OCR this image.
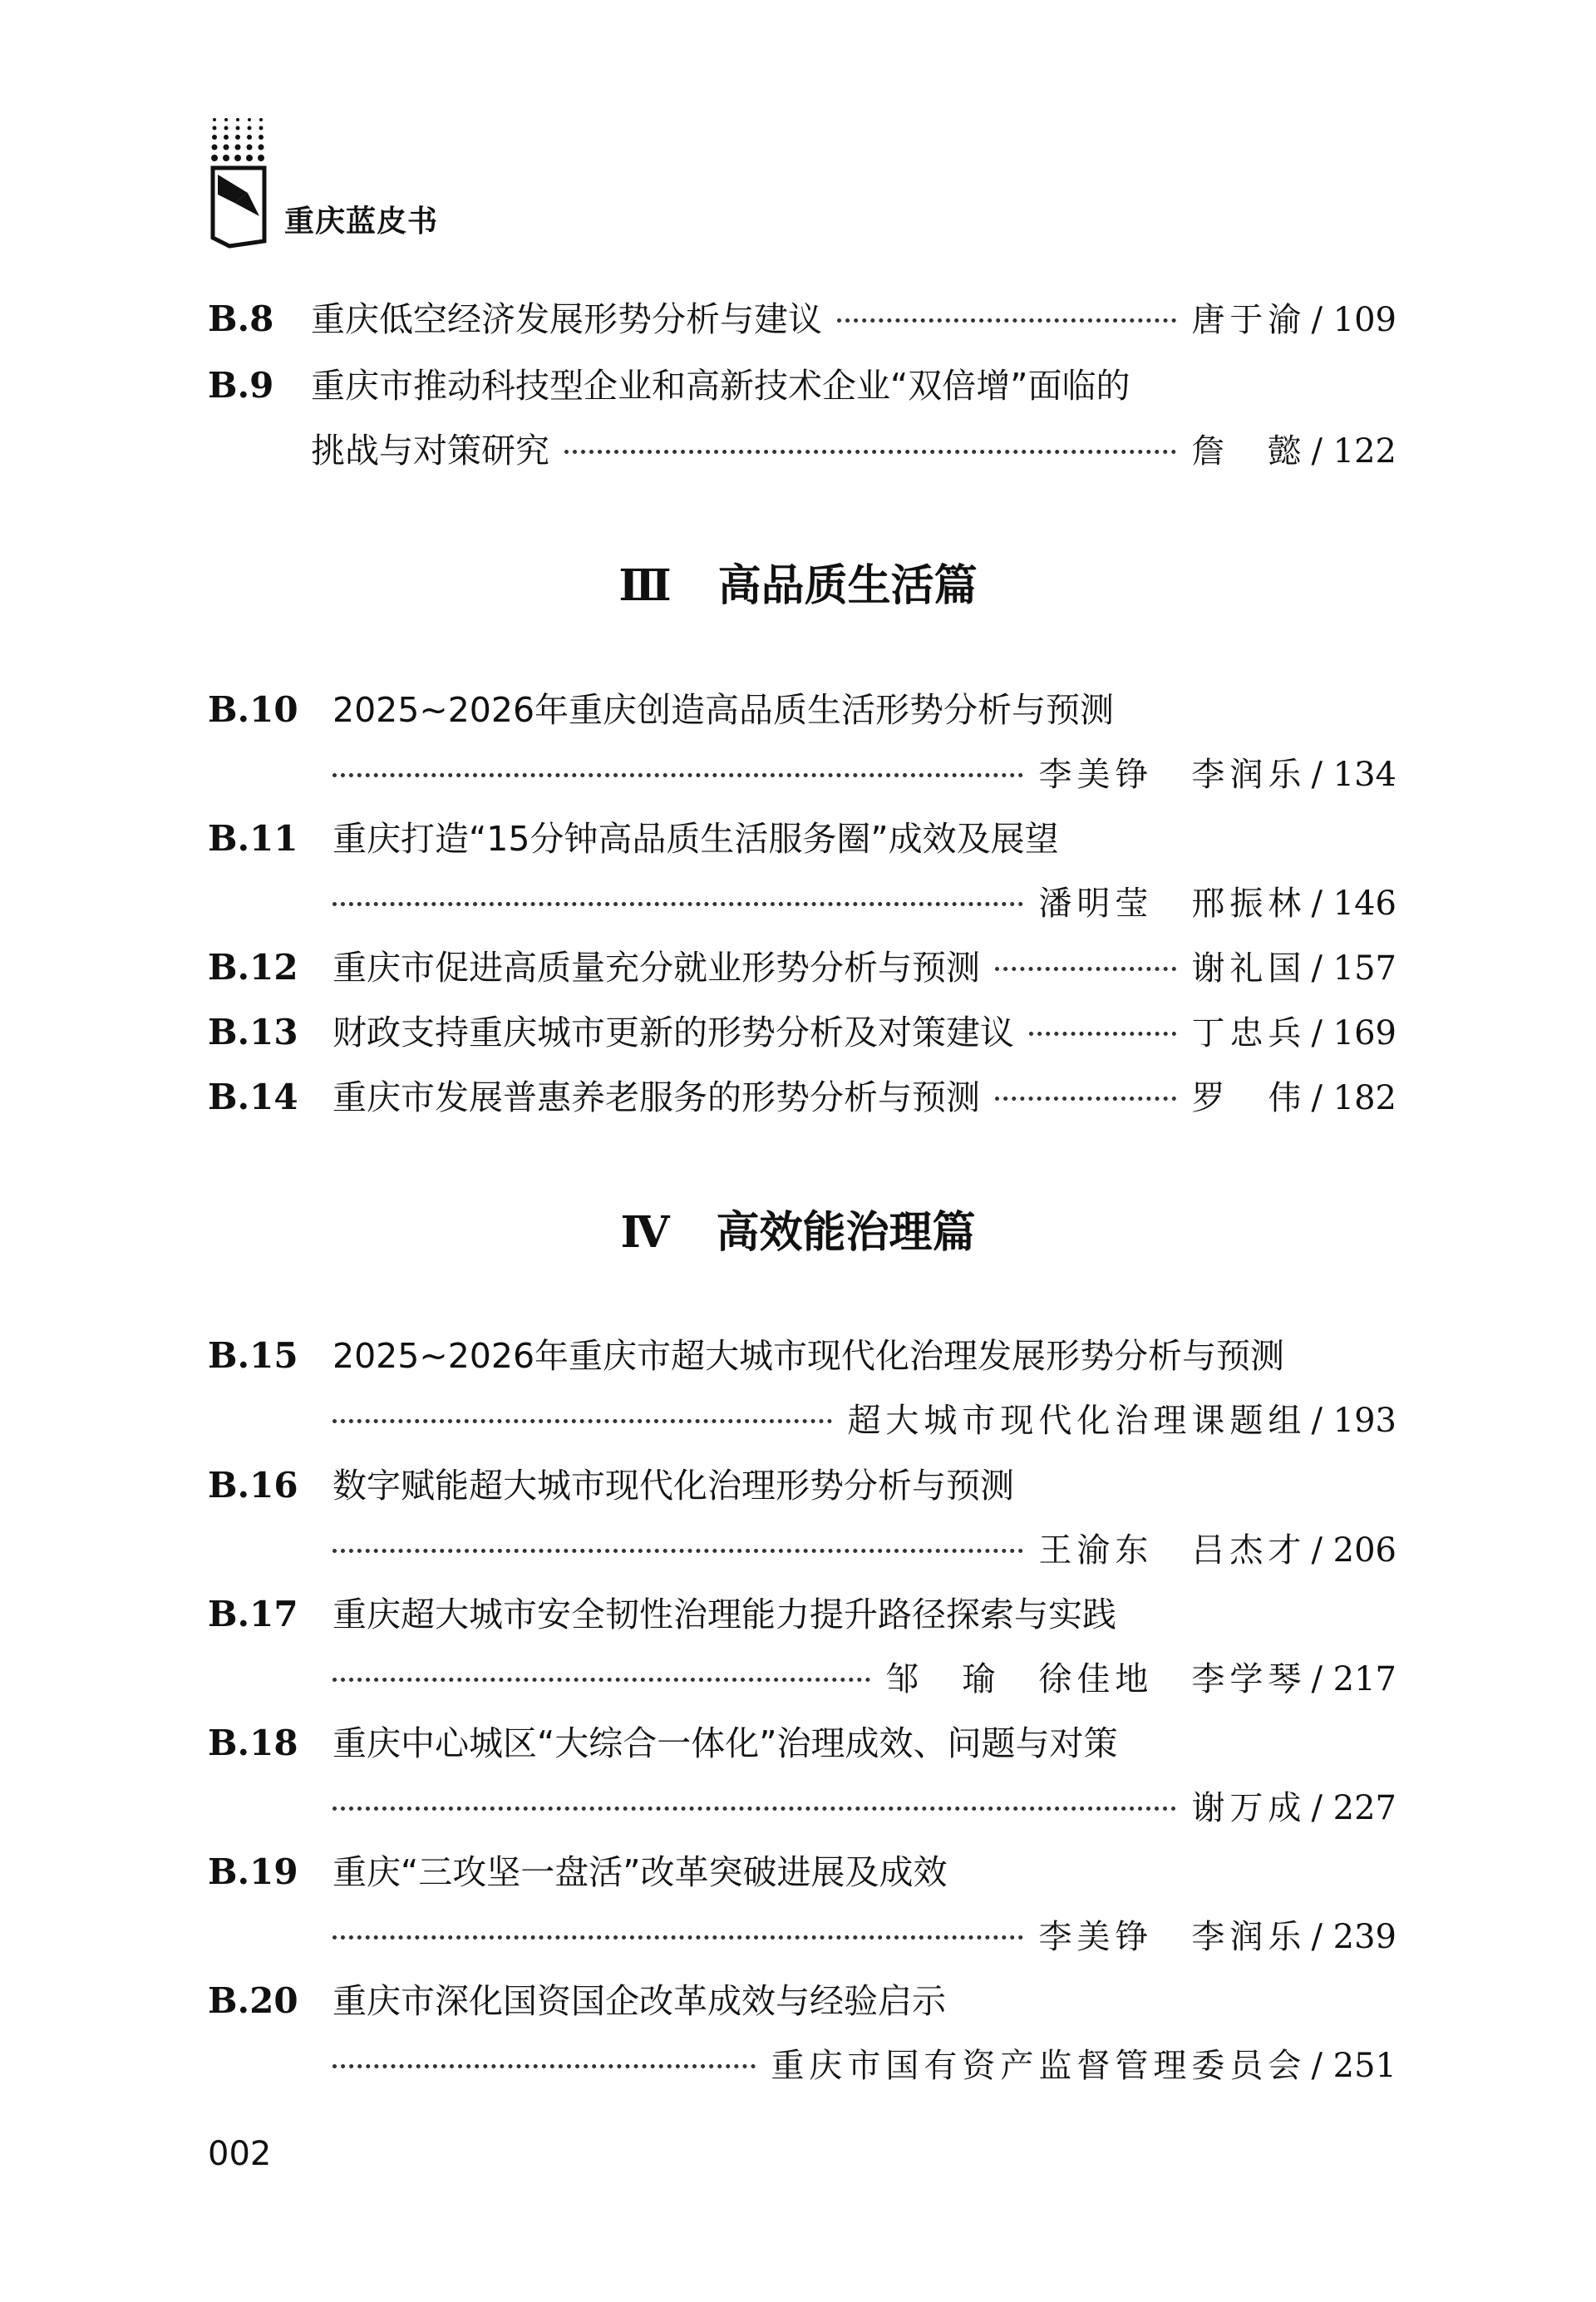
重庆蓝皮书
B.8	重庆低空经济发展形势分析与建议	唐于渝 / 109
B.9	重庆市推动科技型企业和高新技术企业“双倍增”面临的
挑战与对策研究	詹　懿 / 122
Ⅲ 高品质生活篇
B.10	2025~2026年重庆创造高品质生活形势分析与预测
李美铮　李润乐 / 134
B.11	重庆打造“15分钟高品质生活服务圈”成效及展望
潘明莹　邢振林 / 146
B.12	重庆市促进高质量充分就业形势分析与预测	谢礼国 / 157
B.13	财政支持重庆城市更新的形势分析及对策建议	丁忠兵 / 169
B.14	重庆市发展普惠养老服务的形势分析与预测	罗　伟 / 182
Ⅳ 高效能治理篇
B.15	2025~2026年重庆市超大城市现代化治理发展形势分析与预测
超大城市现代化治理课题组 / 193
B.16	数字赋能超大城市现代化治理形势分析与预测
王渝东　吕杰才 / 206
B.17	重庆超大城市安全韧性治理能力提升路径探索与实践
邹　瑜　徐佳地　李学琴 / 217
B.18	重庆中心城区“大综合一体化”治理成效、问题与对策
谢万成 / 227
B.19	重庆“三攻坚一盘活”改革突破进展及成效
李美铮　李润乐 / 239
B.20	重庆市深化国资国企改革成效与经验启示
重庆市国有资产监督管理委员会 / 251
002
